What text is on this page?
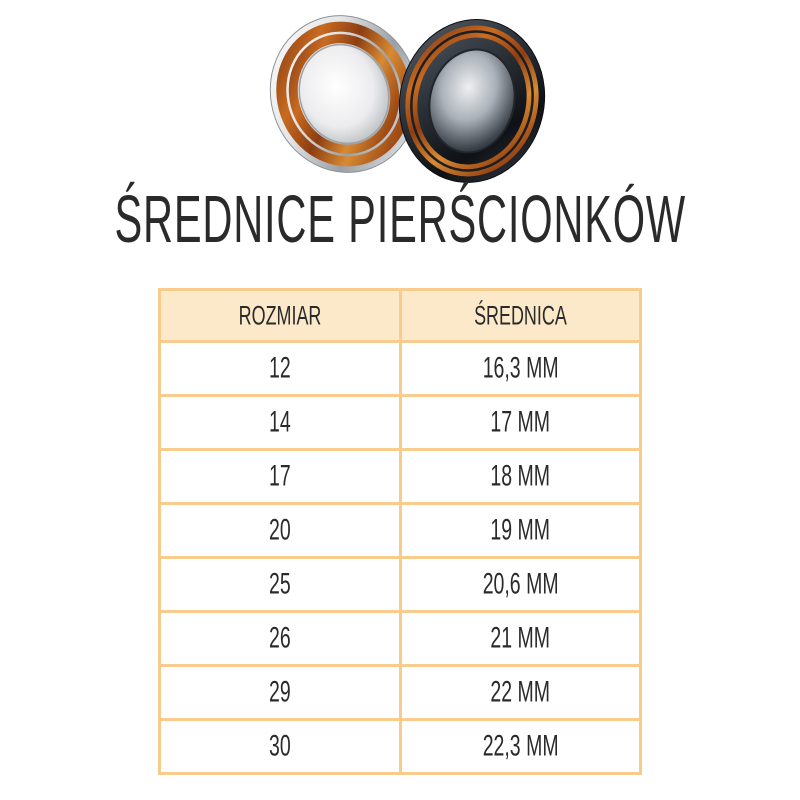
ŚREDNICE PIERŚCIONKÓW
ROZMIAR	ŚREDNICA
12	16,3 MM
14	17 MM
17	18 MM
20	19 MM
25	20,6 MM
26	21 MM
29	22 MM
30	22,3 MM
